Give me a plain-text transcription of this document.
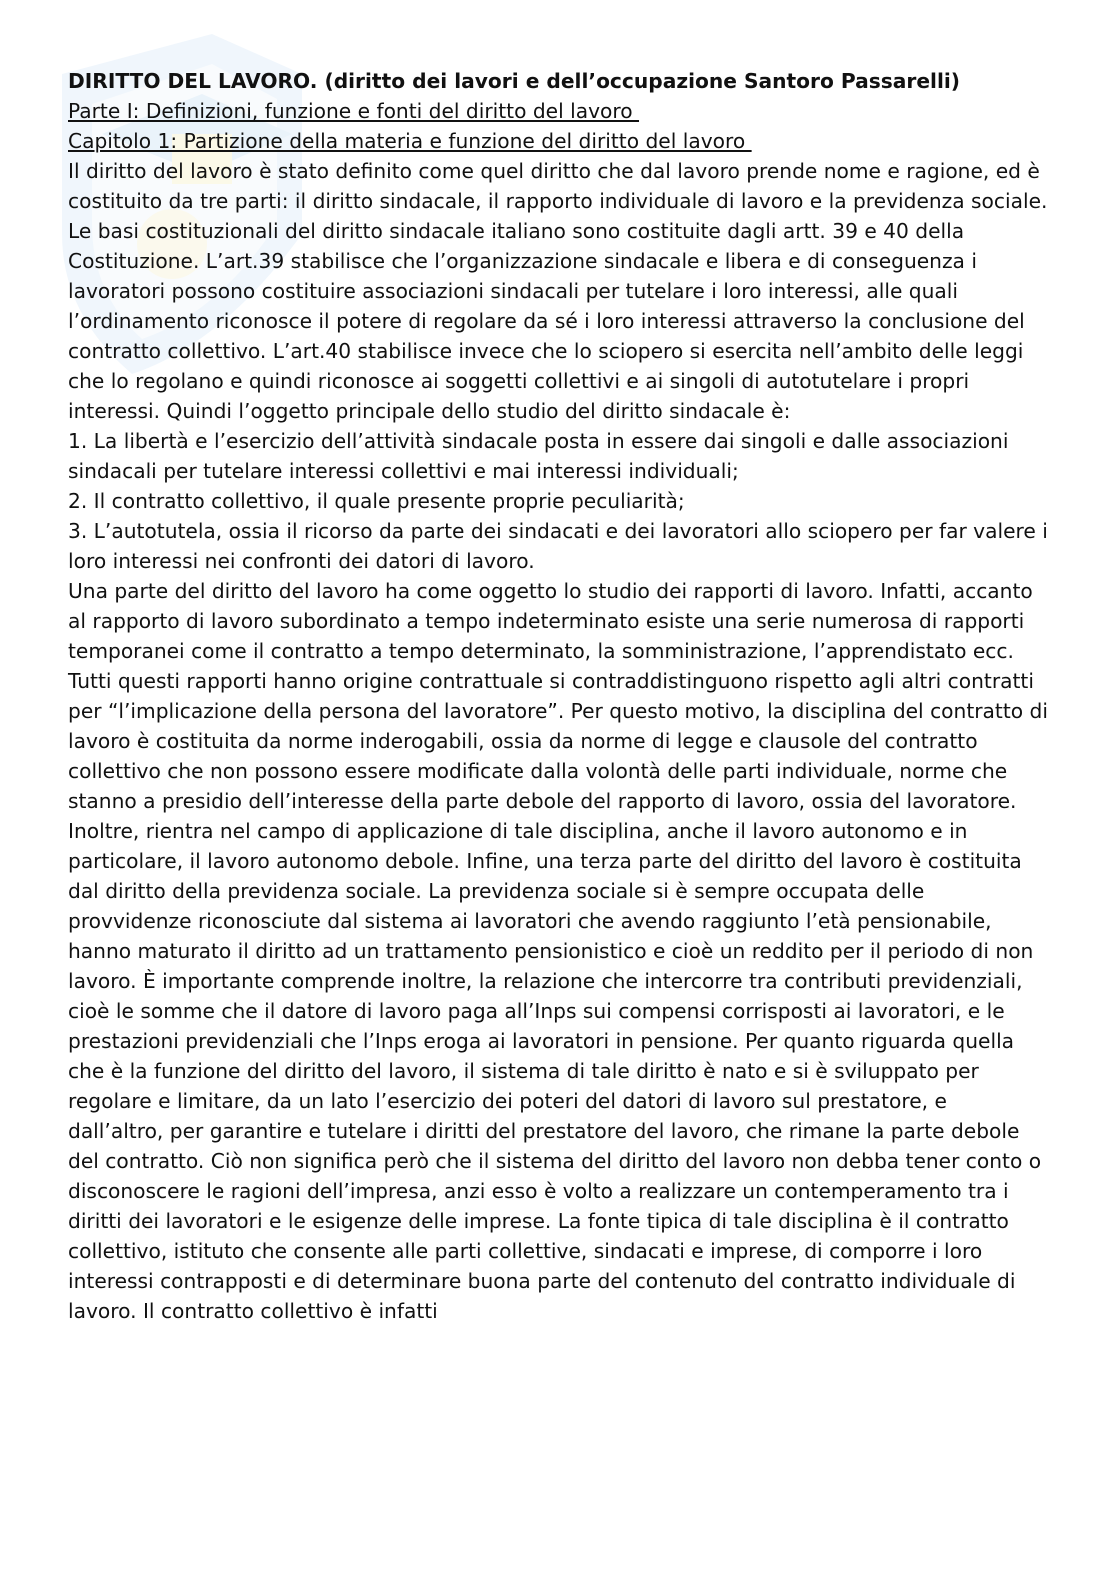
DIRITTO DEL LAVORO. (diritto dei lavori e dell’occupazione Santoro Passarelli)

Parte I: Definizioni, funzione e fonti del diritto del lavoro

Capitolo 1: Partizione della materia e funzione del diritto del lavoro

Il diritto del lavoro è stato definito come quel diritto che dal lavoro prende nome e ragione, ed è costituito da tre parti: il diritto sindacale, il rapporto individuale di lavoro e la previdenza sociale.

Le basi costituzionali del diritto sindacale italiano sono costituite dagli artt. 39 e 40 della Costituzione. L’art.39 stabilisce che l’organizzazione sindacale e libera e di conseguenza i lavoratori possono costituire associazioni sindacali per tutelare i loro interessi, alle quali l’ordinamento riconosce il potere di regolare da sé i loro interessi attraverso la conclusione del contratto collettivo. L’art.40 stabilisce invece che lo sciopero si esercita nell’ambito delle leggi che lo regolano e quindi riconosce ai soggetti collettivi e ai singoli di autotutelare i propri interessi. Quindi l’oggetto principale dello studio del diritto sindacale è:

1. La libertà e l’esercizio dell’attività sindacale posta in essere dai singoli e dalle associazioni sindacali per tutelare interessi collettivi e mai interessi individuali;

2. Il contratto collettivo, il quale presente proprie peculiarità;

3. L’autotutela, ossia il ricorso da parte dei sindacati e dei lavoratori allo sciopero per far valere i loro interessi nei confronti dei datori di lavoro.

Una parte del diritto del lavoro ha come oggetto lo studio dei rapporti di lavoro. Infatti, accanto al rapporto di lavoro subordinato a tempo indeterminato esiste una serie numerosa di rapporti temporanei come il contratto a tempo determinato, la somministrazione, l’apprendistato ecc. Tutti questi rapporti hanno origine contrattuale si contraddistinguono rispetto agli altri contratti per “l’implicazione della persona del lavoratore”. Per questo motivo, la disciplina del contratto di lavoro è costituita da norme inderogabili, ossia da norme di legge e clausole del contratto collettivo che non possono essere modificate dalla volontà delle parti individuale, norme che stanno a presidio dell’interesse della parte debole del rapporto di lavoro, ossia del lavoratore. Inoltre, rientra nel campo di applicazione di tale disciplina, anche il lavoro autonomo e in particolare, il lavoro autonomo debole. Infine, una terza parte del diritto del lavoro è costituita dal diritto della previdenza sociale. La previdenza sociale si è sempre occupata delle provvidenze riconosciute dal sistema ai lavoratori che avendo raggiunto l’età pensionabile, hanno maturato il diritto ad un trattamento pensionistico e cioè un reddito per il periodo di non lavoro. È importante comprende inoltre, la relazione che intercorre tra contributi previdenziali, cioè le somme che il datore di lavoro paga all’Inps sui compensi corrisposti ai lavoratori, e le prestazioni previdenziali che l’Inps eroga ai lavoratori in pensione. Per quanto riguarda quella che è la funzione del diritto del lavoro, il sistema di tale diritto è nato e si è sviluppato per regolare e limitare, da un lato l’esercizio dei poteri del datori di lavoro sul prestatore, e dall’altro, per garantire e tutelare i diritti del prestatore del lavoro, che rimane la parte debole del contratto. Ciò non significa però che il sistema del diritto del lavoro non debba tener conto o disconoscere le ragioni dell’impresa, anzi esso è volto a realizzare un contemperamento tra i diritti dei lavoratori e le esigenze delle imprese. La fonte tipica di tale disciplina è il contratto collettivo, istituto che consente alle parti collettive, sindacati e imprese, di comporre i loro interessi contrapposti e di determinare buona parte del contenuto del contratto individuale di lavoro. Il contratto collettivo è infatti
